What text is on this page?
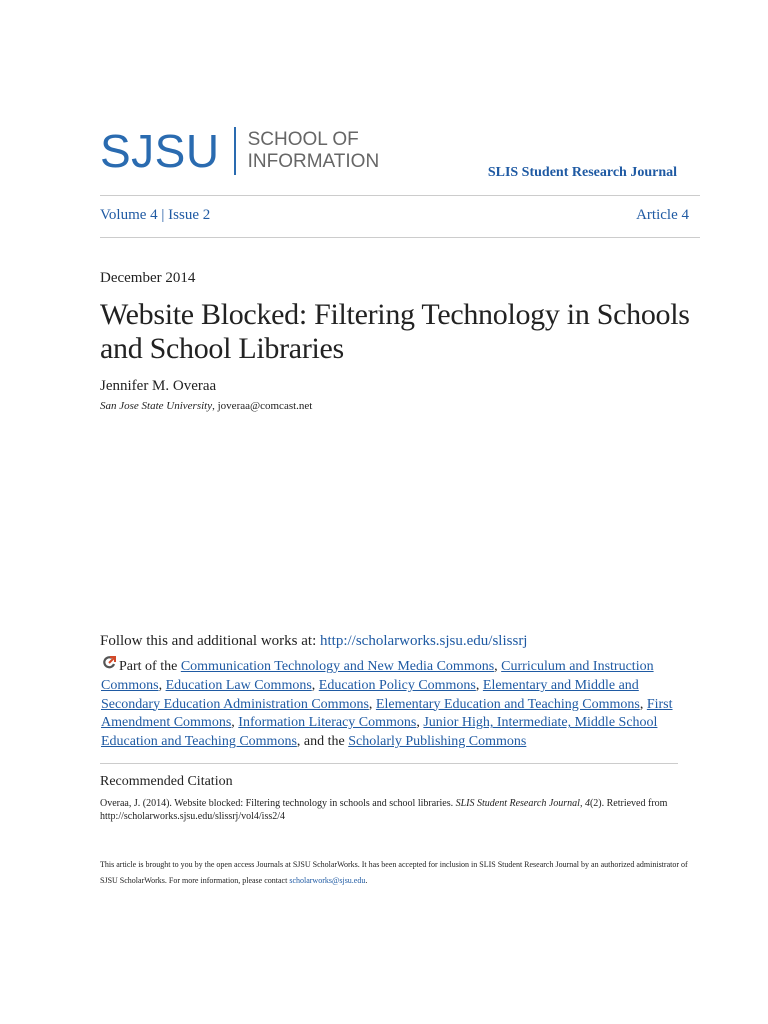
SJSU SCHOOL OF
INFORMATION
SLIS Student Research Journal
Volume 4 | Issue 2	Article 4
December 2014
Website Blocked: Filtering Technology in Schools and School Libraries
Jennifer M. Overaa
San Jose State University, joveraa@comcast.net
Follow this and additional works at: http://scholarworks.sjsu.edu/slissrj
Part of the Communication Technology and New Media Commons, Curriculum and Instruction Commons, Education Law Commons, Education Policy Commons, Elementary and Middle and Secondary Education Administration Commons, Elementary Education and Teaching Commons, First Amendment Commons, Information Literacy Commons, Junior High, Intermediate, Middle School Education and Teaching Commons, and the Scholarly Publishing Commons
Recommended Citation
Overaa, J. (2014). Website blocked: Filtering technology in schools and school libraries. SLIS Student Research Journal, 4(2). Retrieved from http://scholarworks.sjsu.edu/slissrj/vol4/iss2/4
This article is brought to you by the open access Journals at SJSU ScholarWorks. It has been accepted for inclusion in SLIS Student Research Journal by an authorized administrator of SJSU ScholarWorks. For more information, please contact scholarworks@sjsu.edu.
